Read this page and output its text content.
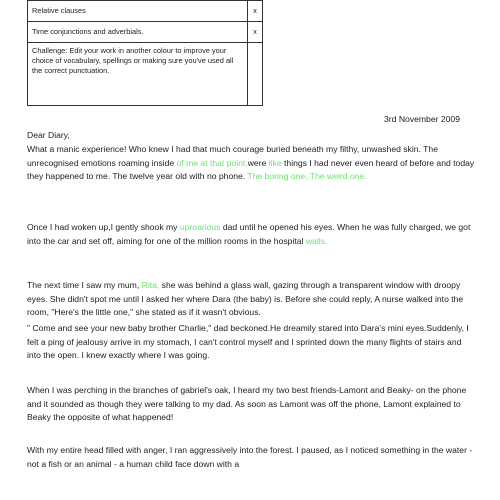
Relative clauses	x
Time conjunctions and adverbials.	x
Challenge: Edit your work in another colour to improve your choice of vocabulary, spellings or making sure you've used all the correct punctuation.	
3rd November 2009

Dear Diary,

What a manic experience! Who knew I had that much courage buried beneath my filthy, unwashed skin. The unrecognised emotions roaming inside of me at that point,were like things I had never even heard of before and today they happened to me. The twelve year old with no phone. The boring one. The weird one.

Once I had woken up,I gently shook my uproarious dad until he opened his eyes. When he was fully charged, we got into the car and set off, aiming for one of the million rooms in the hospital walls.

The next time I saw my mum, Rita, she was behind a glass wall, gazing through a transparent window with droopy eyes. She didn't spot me until I asked her where Dara (the baby) is. Before she could reply, A nurse walked into the room, "Here's the little one," she stated as if it wasn't obvious.

" Come and see your new baby brother Charlie," dad beckoned.He dreamily stared into Dara's mini eyes.Suddenly, I felt a ping of jealousy arrive in my stomach, I can't control myself and I sprinted down the many flights of stairs and into the open. I knew exactly where I was going.

When I was perching in the branches of gabriel's oak, I heard my two best friends-Lamont and Beaky- on the phone and it sounded as though they were talking to my dad. As soon as Lamont was off the phone, Lamont explained to Beaky the opposite of what happened!

With my entire head filled with anger, I ran aggressively into the forest. I paused, as I noticed something in the water - not a fish or an animal - a human child face down with a
